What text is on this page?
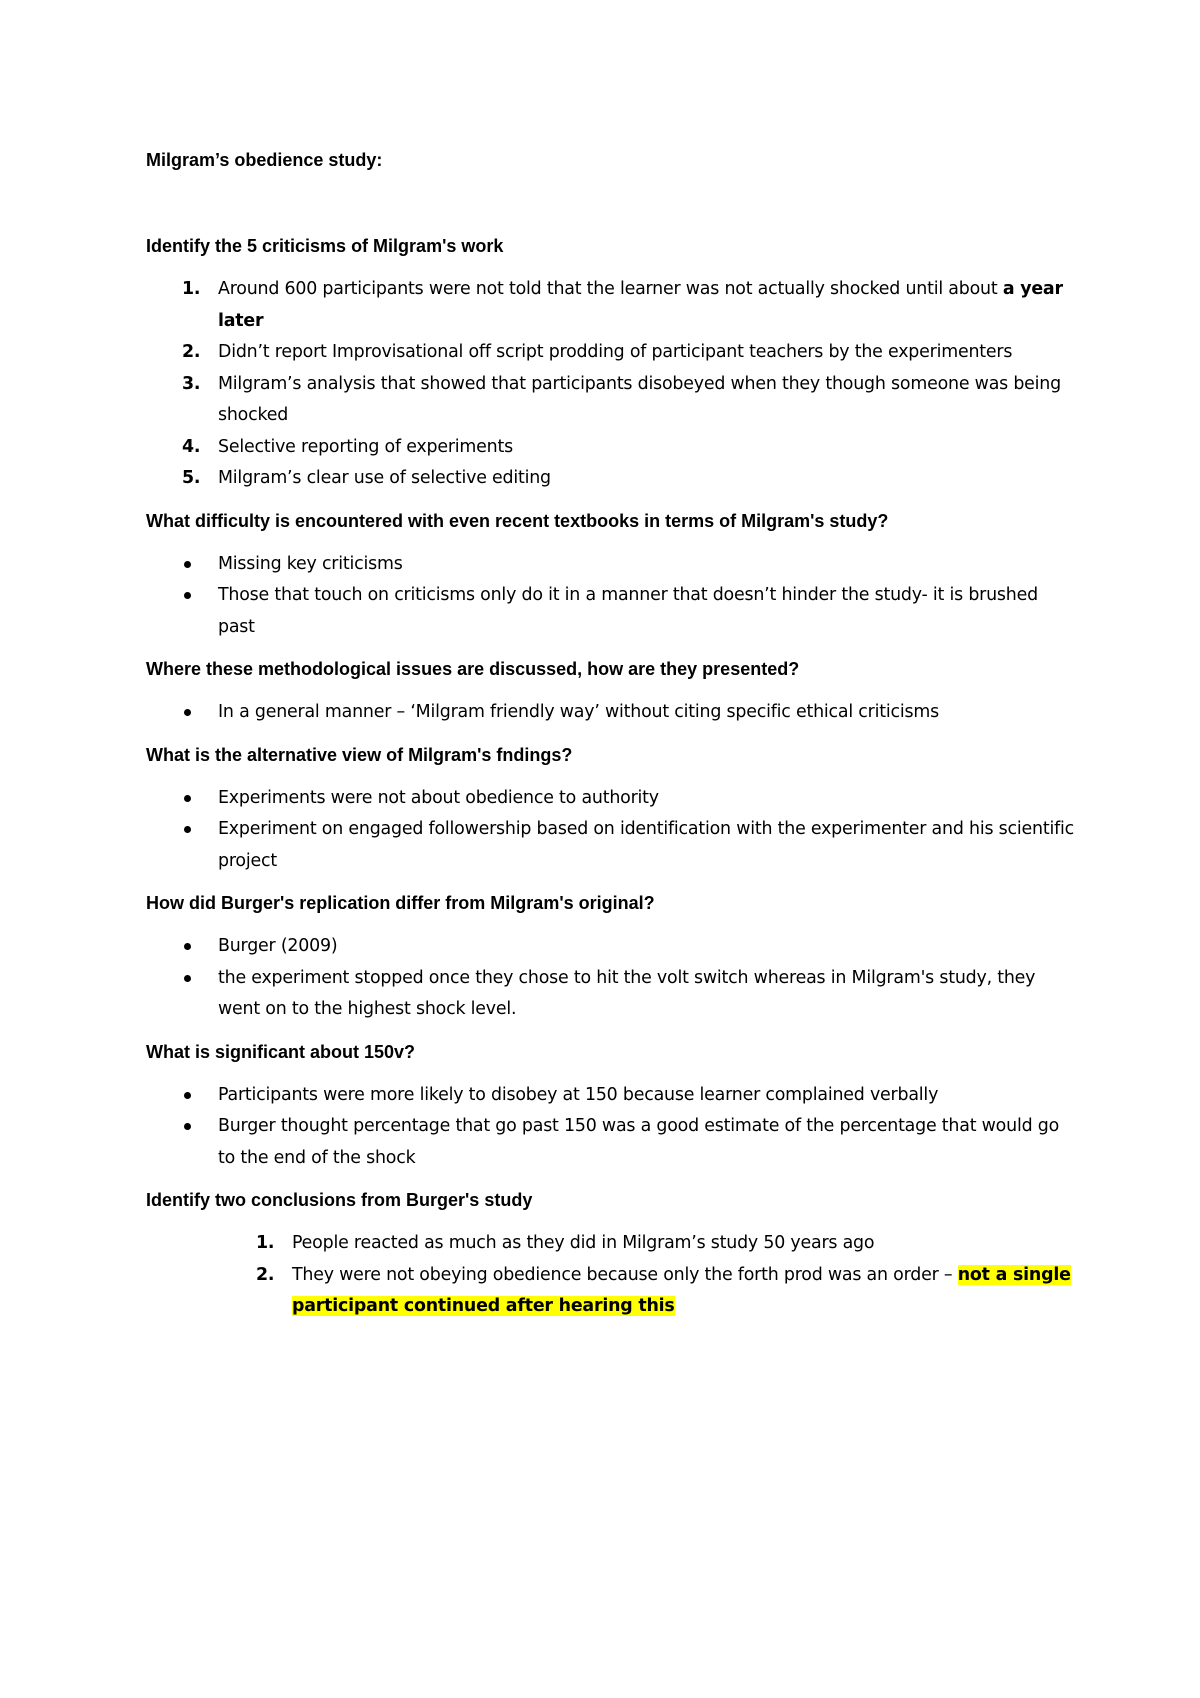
Milgram’s obedience study:
Identify the 5 criticisms of Milgram's work
1. Around 600 participants were not told that the learner was not actually shocked until about a year later
2. Didn’t report Improvisational off script prodding of participant teachers by the experimenters
3. Milgram’s analysis that showed that participants disobeyed when they though someone was being shocked
4. Selective reporting of experiments
5. Milgram’s clear use of selective editing
What difficulty is encountered with even recent textbooks in terms of Milgram's study?
Missing key criticisms
Those that touch on criticisms only do it in a manner that doesn’t hinder the study- it is brushed past
Where these methodological issues are discussed, how are they presented?
In a general manner – ‘Milgram friendly way’ without citing specific ethical criticisms
What is the alternative view of Milgram's fndings?
Experiments were not about obedience to authority
Experiment on engaged followership based on identification with the experimenter and his scientific project
How did Burger's replication differ from Milgram's original?
Burger (2009)
the experiment stopped once they chose to hit the volt switch whereas in Milgram's study, they went on to the highest shock level.
What is significant about 150v?
Participants were more likely to disobey at 150 because learner complained verbally
Burger thought percentage that go past 150 was a good estimate of the percentage that would go to the end of the shock
Identify two conclusions from Burger's study
1. People reacted as much as they did in Milgram’s study 50 years ago
2. They were not obeying obedience because only the forth prod was an order – not a single participant continued after hearing this
